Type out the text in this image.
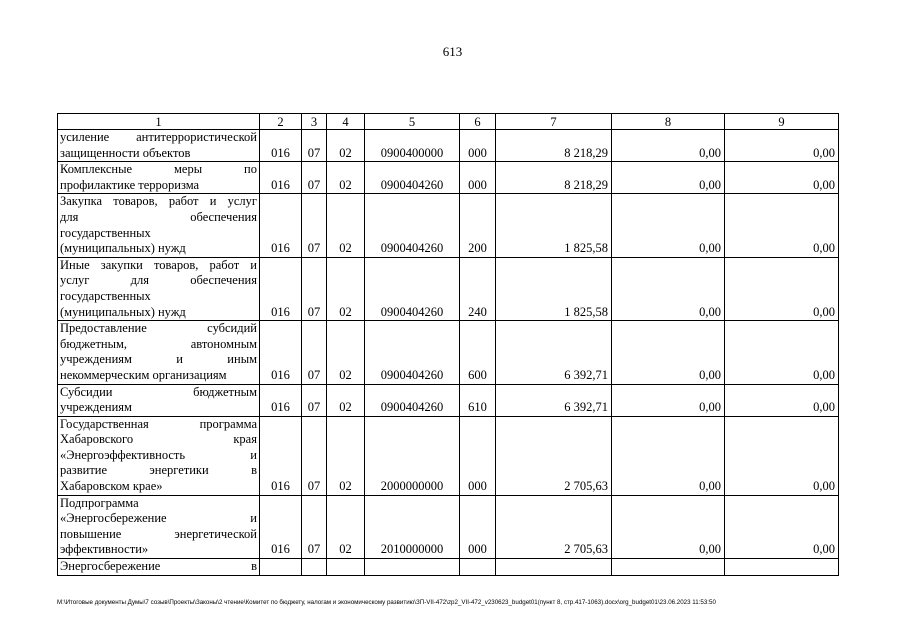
613
1	2	3	4	5	6	7	8	9

усиление антитеррористической
защищенности объектов	016	07	02	0900400000	000	8 218,29	0,00	0,00

Комплексные меры по
профилактике терроризма	016	07	02	0900404260	000	8 218,29	0,00	0,00

Закупка товаров, работ и услуг
для обеспечения
государственных
(муниципальных) нужд	016	07	02	0900404260	200	1 825,58	0,00	0,00

Иные закупки товаров, работ и
услуг для обеспечения
государственных
(муниципальных) нужд	016	07	02	0900404260	240	1 825,58	0,00	0,00

Предоставление субсидий
бюджетным, автономным
учреждениям и иным
некоммерческим организациям	016	07	02	0900404260	600	6 392,71	0,00	0,00

Субсидии бюджетным
учреждениям	016	07	02	0900404260	610	6 392,71	0,00	0,00

Государственная программа
Хабаровского края
«Энергоэффективность и
развитие энергетики в
Хабаровском крае»	016	07	02	2000000000	000	2 705,63	0,00	0,00

Подпрограмма
«Энергосбережение и
повышение энергетической
эффективности»	016	07	02	2010000000	000	2 705,63	0,00	0,00

Энергосбережение в								

M:\Итоговые документы Думы\7 созыв\Проекты\Законы\2 чтение\Комитет по бюджету, налогам и экономическому развитию\ЗП-VII-472\zp2_VII-472_v230623_budget01(пункт 8, стр.417-1063).docx\org_budget01\23.06.2023 11:53:50
